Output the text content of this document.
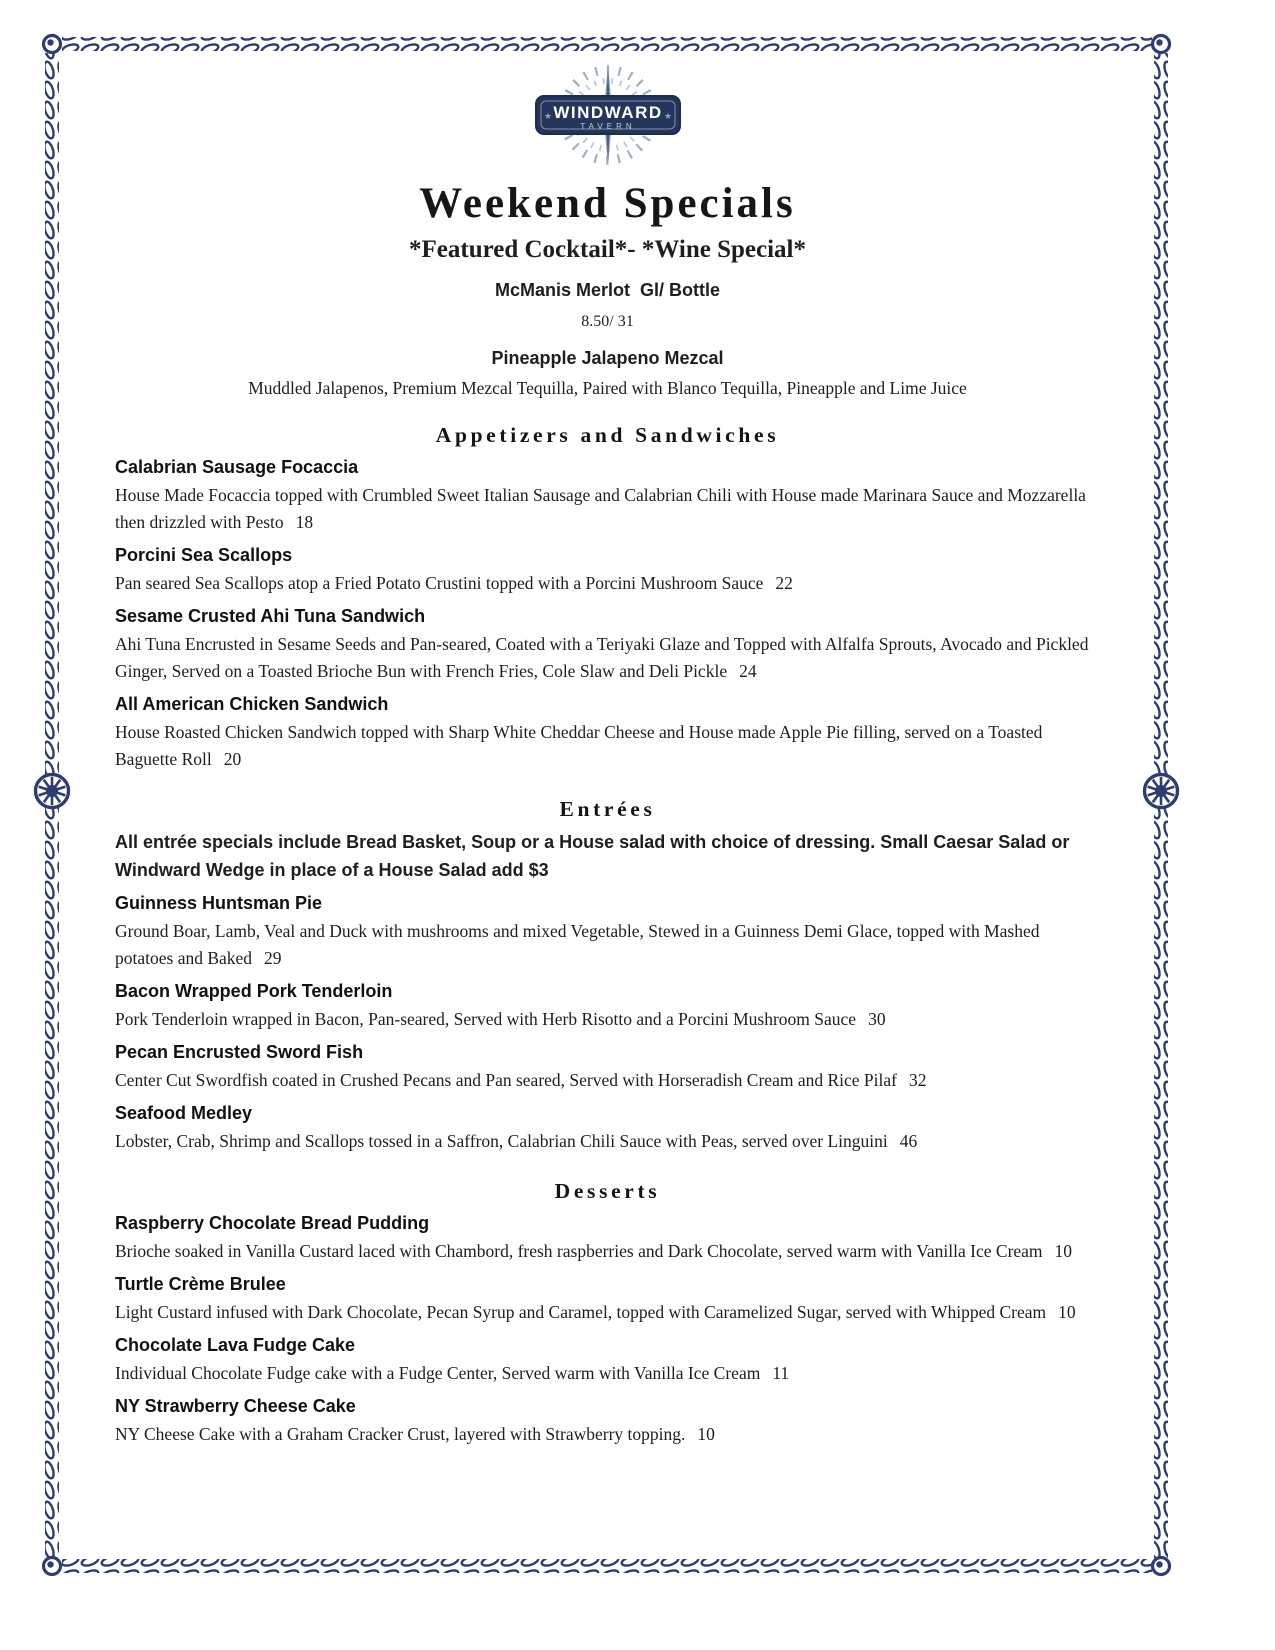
WINDWARD
TAVERN
★	★
Weekend Specials
*Featured Cocktail*- *Wine Special*
McManis Merlot  Gl/ Bottle
8.50/ 31
Pineapple Jalapeno Mezcal
Muddled Jalapenos, Premium Mezcal Tequilla, Paired with Blanco Tequilla, Pineapple and Lime Juice
Appetizers and Sandwiches
Calabrian Sausage Focaccia
House Made Focaccia topped with Crumbled Sweet Italian Sausage and Calabrian Chili with House made Marinara Sauce and Mozzarella then drizzled with Pesto 18
Porcini Sea Scallops
Pan seared Sea Scallops atop a Fried Potato Crustini topped with a Porcini Mushroom Sauce 22
Sesame Crusted Ahi Tuna Sandwich
Ahi Tuna Encrusted in Sesame Seeds and Pan-seared, Coated with a Teriyaki Glaze and Topped with Alfalfa Sprouts, Avocado and Pickled Ginger, Served on a Toasted Brioche Bun with French Fries, Cole Slaw and Deli Pickle 24
All American Chicken Sandwich
House Roasted Chicken Sandwich topped with Sharp White Cheddar Cheese and House made Apple Pie filling, served on a Toasted Baguette Roll 20
Entrées
All entrée specials include Bread Basket, Soup or a House salad with choice of dressing. Small Caesar Salad or Windward Wedge in place of a House Salad add $3
Guinness Huntsman Pie
Ground Boar, Lamb, Veal and Duck with mushrooms and mixed Vegetable, Stewed in a Guinness Demi Glace, topped with Mashed potatoes and Baked 29
Bacon Wrapped Pork Tenderloin
Pork Tenderloin wrapped in Bacon, Pan-seared, Served with Herb Risotto and a Porcini Mushroom Sauce 30
Pecan Encrusted Sword Fish
Center Cut Swordfish coated in Crushed Pecans and Pan seared, Served with Horseradish Cream and Rice Pilaf 32
Seafood Medley
Lobster, Crab, Shrimp and Scallops tossed in a Saffron, Calabrian Chili Sauce with Peas, served over Linguini 46
Desserts
Raspberry Chocolate Bread Pudding
Brioche soaked in Vanilla Custard laced with Chambord, fresh raspberries and Dark Chocolate, served warm with Vanilla Ice Cream 10
Turtle Crème Brulee
Light Custard infused with Dark Chocolate, Pecan Syrup and Caramel, topped with Caramelized Sugar, served with Whipped Cream 10
Chocolate Lava Fudge Cake
Individual Chocolate Fudge cake with a Fudge Center, Served warm with Vanilla Ice Cream 11
NY Strawberry Cheese Cake
NY Cheese Cake with a Graham Cracker Crust, layered with Strawberry topping. 10
